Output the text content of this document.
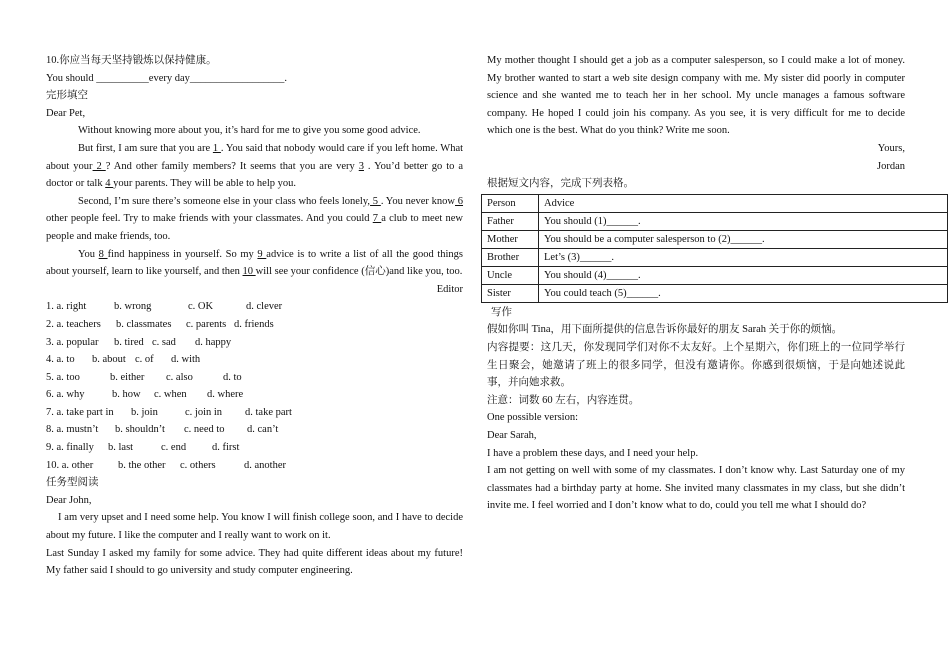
10.你应当每天坚持锻炼以保持健康。

You should __________every day__________________.

完形填空

Dear Pet,

Without knowing more about you, it’s hard for me to give you some good advice.

But first, I am sure that you are 1 . You said that nobody would care if you left home. What about your 2 ? And other family members? It seems that you are very 3 . You’d better go to a doctor or talk 4 your parents. They will be able to help you.

Second, I’m sure there’s someone else in your class who feels lonely, 5 . You never know 6 other people feel. Try to make friends with your classmates. And you could 7 a club to meet new people and make friends, too.

You 8 find happiness in yourself. So my 9 advice is to write a list of all the good things about yourself, learn to like yourself, and then 10 will see your confidence (信心)and like you, too.

Editor

1. a. right	b. wrong	c. OK	d. clever

2. a. teachers b. classmates c. parents d. friends

3. a. popular b. tired c. sad d. happy

4. a. to b. about c. of d. with

5. a. too	b. either c. also	d. to

6. a. why	b. how c. when d. where

7. a. take part in b. join	c. join in d. take part

8. a. mustn’t b. shouldn’t c. need to d. can’t

9. a. finally b. last	c. end d. first

10. a. other b. the other c. others	d. another

任务型阅读

Dear John,

I am very upset and I need some help. You know I will finish college soon, and I have to decide about my future. I like the computer and I really want to work on it.

Last Sunday I asked my family for some advice. They had quite different ideas about my future! My father said I should to go university and study computer engineering.

My mother thought I should get a job as a computer salesperson, so I could make a lot of money. My brother wanted to start a web site design company with me. My sister did poorly in computer science and she wanted me to teach her in her school. My uncle manages a famous software company. He hoped I could join his company. As you see, it is very difficult for me to decide which one is the best. What do you think? Write me soon.

Yours,

Jordan

根据短文内容，完成下列表格。

Person	Advice
Father	You should (1)______.
Mother	You should be a computer salesperson to (2)______.
Brother	Let’s (3)______.
Uncle	You should (4)______.
Sister	You could teach (5)______.

写作

假如你叫 Tina，用下面所提供的信息告诉你最好的朋友 Sarah 关于你的烦恼。

内容提要：这几天，你发现同学们对你不太友好。上个星期六，你们班上的一位同学举行生日聚会，她邀请了班上的很多同学，但没有邀请你。你感到很烦恼，于是向她述说此事，并向她求救。

注意：词数 60 左右，内容连贯。

One possible version:

Dear Sarah,

I have a problem these days, and I need your help.

I am not getting on well with some of my classmates. I don’t know why. Last Saturday one of my classmates had a birthday party at home. She invited many classmates in my class, but she didn’t invite me. I feel worried and I don’t know what to do, could you tell me what I should do?
